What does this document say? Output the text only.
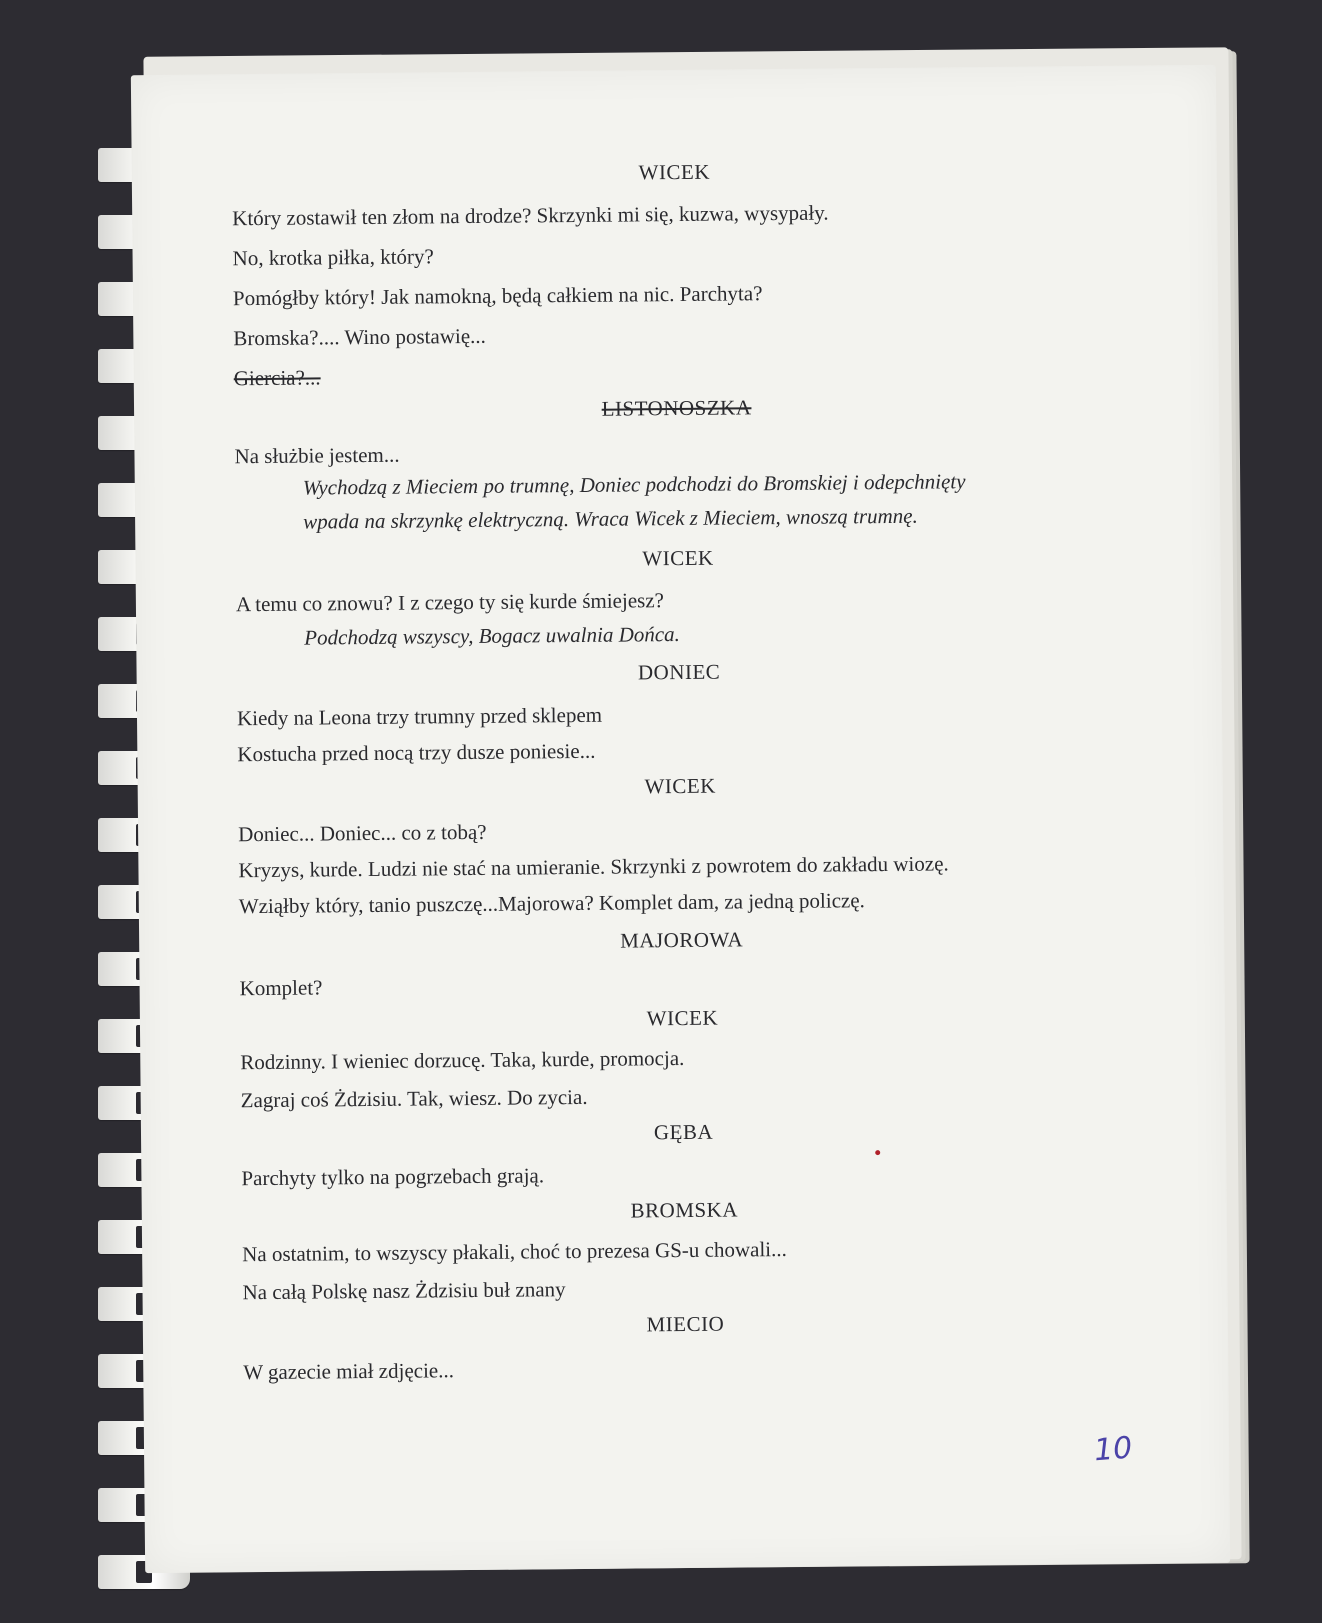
WICEK
Który zostawił ten złom na drodze? Skrzynki mi się, kuzwa, wysypały.
No, krotka piłka, który?
Pomógłby który! Jak namokną, będą całkiem na nic. Parchyta?
Bromska?.... Wino postawię...
Giercia?...
LISTONOSZKA
Na służbie jestem...
Wychodzą z Mieciem po trumnę, Doniec podchodzi do Bromskiej i odepchnięty
wpada na skrzynkę elektryczną. Wraca Wicek z Mieciem, wnoszą trumnę.
WICEK
A temu co znowu? I z czego ty się kurde śmiejesz?
Podchodzą wszyscy, Bogacz uwalnia Dońca.
DONIEC
Kiedy na Leona trzy trumny przed sklepem
Kostucha przed nocą trzy dusze poniesie...
WICEK
Doniec... Doniec... co z tobą?
Kryzys, kurde. Ludzi nie stać na umieranie. Skrzynki z powrotem do zakładu wiozę.
Wziąłby który, tanio puszczę...Majorowa? Komplet dam, za jedną policzę.
MAJOROWA
Komplet?
WICEK
Rodzinny. I wieniec dorzucę. Taka, kurde, promocja.
Zagraj coś Żdzisiu. Tak, wiesz. Do zycia.
GĘBA
Parchyty tylko na pogrzebach grają.
BROMSKA
Na ostatnim, to wszyscy płakali, choć to prezesa GS-u chowali...
Na całą Polskę nasz Żdzisiu buł znany
MIECIO
W gazecie miał zdjęcie...
10
